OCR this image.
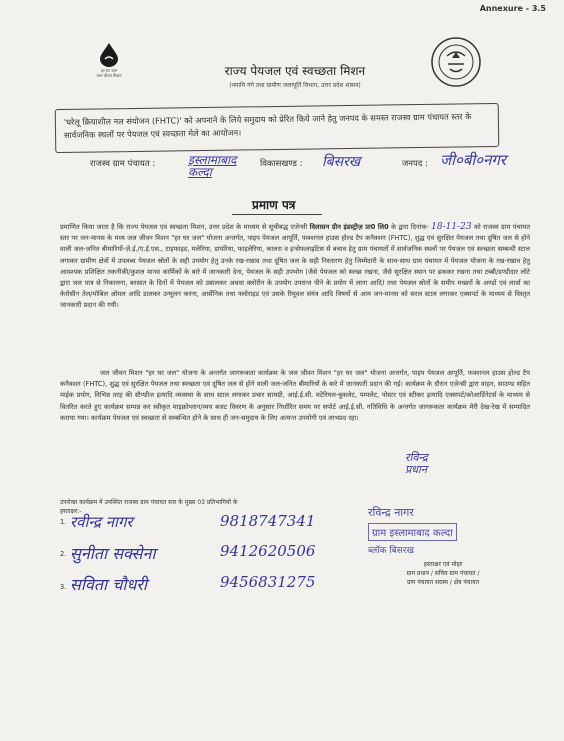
Annexure - 3.5
हर घर जल
जल जीवन मिशन	राज्य पेयजल एवं स्वच्छता मिशन
(नमामि गंगे तथा ग्रामीण जलापूर्ति विभाग, उत्तर प्रदेश शासन)
'घरेलू क्रियाशील नल संयोजन (FHTC)' को अपनाने के लिये समुदाय को प्रेरित किये जाने हेतु जनपद के समस्त राजस्व ग्राम पंचायत स्तर के सार्वजनिक स्थलों पर पेयजल एवं स्वच्छता मेले का आयोजन।
राजस्व ग्राम पंचायत :	इस्लामाबाद कल्दा
विकासखण्ड : बिसरख	जनपद : जी०बी०नगर
प्रमाण पत्र
प्रमाणित किया जाता है कि राज्य पेयजल एवं स्वच्छता मिशन, उत्तर प्रदेश के माध्यम से सूचीबद्ध एजेन्सी विलासन ग्रीन इंडस्ट्रीज़ प्रा0 लि0 के द्वारा दिनांक- 18-11-23 को राजस्व ग्राम पंचायत स्तर पर जन-मानस के मध्य जल जीवन मिशन "हर घर जल" योजना अन्तर्गत, पाइप पेयजल आपूर्ति, फक्शनल हाउस होल्ड टैप कनैक्शन (FHTC), शुद्ध एवं सुरक्षित पेयजल तथा दूषित जल से होने वाली जल-जनित बीमारियों-ज़े.ई./ए.ई.एस., टाइफाइड, मलेरिया, डायरिया, फाइलेरिया, कालरा व इन्सेफलाइटिस से बचाव हेतु ग्राम पंचायतों में सार्वजनिक स्थलों पर पेयजल एवं स्वच्छता सम्बन्धी स्टाल लगाकर ग्रामीण क्षेत्रों में उपलब्ध पेयजल स्रोतों के सही उपयोग हेतु उनके रख-रखाव तथा दूषित जल के सही निस्तारण हेतु जिम्मेदारी के साथ-साथ ग्राम पंचायत में पेयजल योजना के रख-रखाव हेतु आवश्यक प्रशिक्षित तकनीकी/कुशल मानव कार्मिकों के बारे में जानकारी देना, पेयजल के सही उपभोग (जैसे पेयजल को स्वच्छ रखना, जैसे सुरक्षित स्थान पर ढककर रखना तथा टब्बी/डण्डीदार लोटे द्वारा जल पात्र से निकालना, बरसात के दिनों में पेयजल को उबालकर अथवा क्लोरीन के उपयोग उपरान्त पीने के प्रयोग में लाना आदि) तथा पेयजल स्रोतों के समीप मच्छरों के अण्डों एवं लार्वा का केरोसीन तेल/मोबिल ऑयल आदि डालकर उन्मूलन करना, आर्सेनिक तथा फ्लोराइड एवं उसके रिमूवल संयंत्र आदि विषयों से आम जन-मानस को सरल स्टाल लगाकर एक्सपर्ट के माध्यम से विस्तृत जानकारी प्रदान की गयी।
जल जीवन मिशन "हर घर जल" योजना के अन्तर्गत जागरूकता कार्यक्रम के जल जीवन मिशन "हर घर जल" योजना अन्तर्गत, पाइप पेयजल आपूर्ति, फक्शनल हाउस होल्ड टैप कनैक्शन (FHTC), शुद्ध एवं सुरक्षित पेयजल तथा स्वच्छता एवं दूषित जल से होने वाली जल-जनित बीमारियों के बारे में जानकारी प्रदान की गई। कार्यक्रम के दौरान एजेन्सी द्वारा वाहन, साउण्ड सहित माईक प्रयोग, विभिन्न तरह की स्टैण्डीज इत्यादि व्यवस्था के साथ स्टाल लगाकर प्रचार सामग्री, आई.ई.सी. मटेरियल-बुकलेट, पम्पलेट, पोस्टर एवं स्टीकर इत्यादि एक्सपर्ट/कोआर्डिनेटर्स के माध्यम से वितरित करते हुए कार्यक्रम सम्पन्न कर स्वीकृत माइक्रोप्लान/व्यय बजट विवरण के अनुसार निर्धारित समय पर सपोर्ट आई.ई.सी. गतिविधि के अन्तर्गत जागरूकता कार्यक्रम मेरी देख-रेख में सम्पादित कराया गया। कार्यक्रम पेयजल एवं स्वच्छता से सम्बन्धित होने के साथ ही जन-समुदाय के लिए अत्यन्त उपयोगी एवं लाभप्रद रहा।
रविन्द्र
प्रधान
उपरोक्त कार्यक्रम में उपस्थित राजस्व ग्राम पंचायत स्तर के मुख्य 03 प्रतिभागियों के हस्ताक्षर:-
1. रवीन्द्र नागर	9818747341
2. सुनीता सक्सेना	9412620506
3. सविता चौधरी	9456831275
रविन्द्र नागर
ग्राम इस्लामाबाद कल्दा
ब्लॉक बिसरख
हस्ताक्षर एवं मोहर
ग्राम प्रधान / सचिव ग्राम पंचायत /
ग्राम पंचायत सदस्य / क्षेत्र पंचायत
